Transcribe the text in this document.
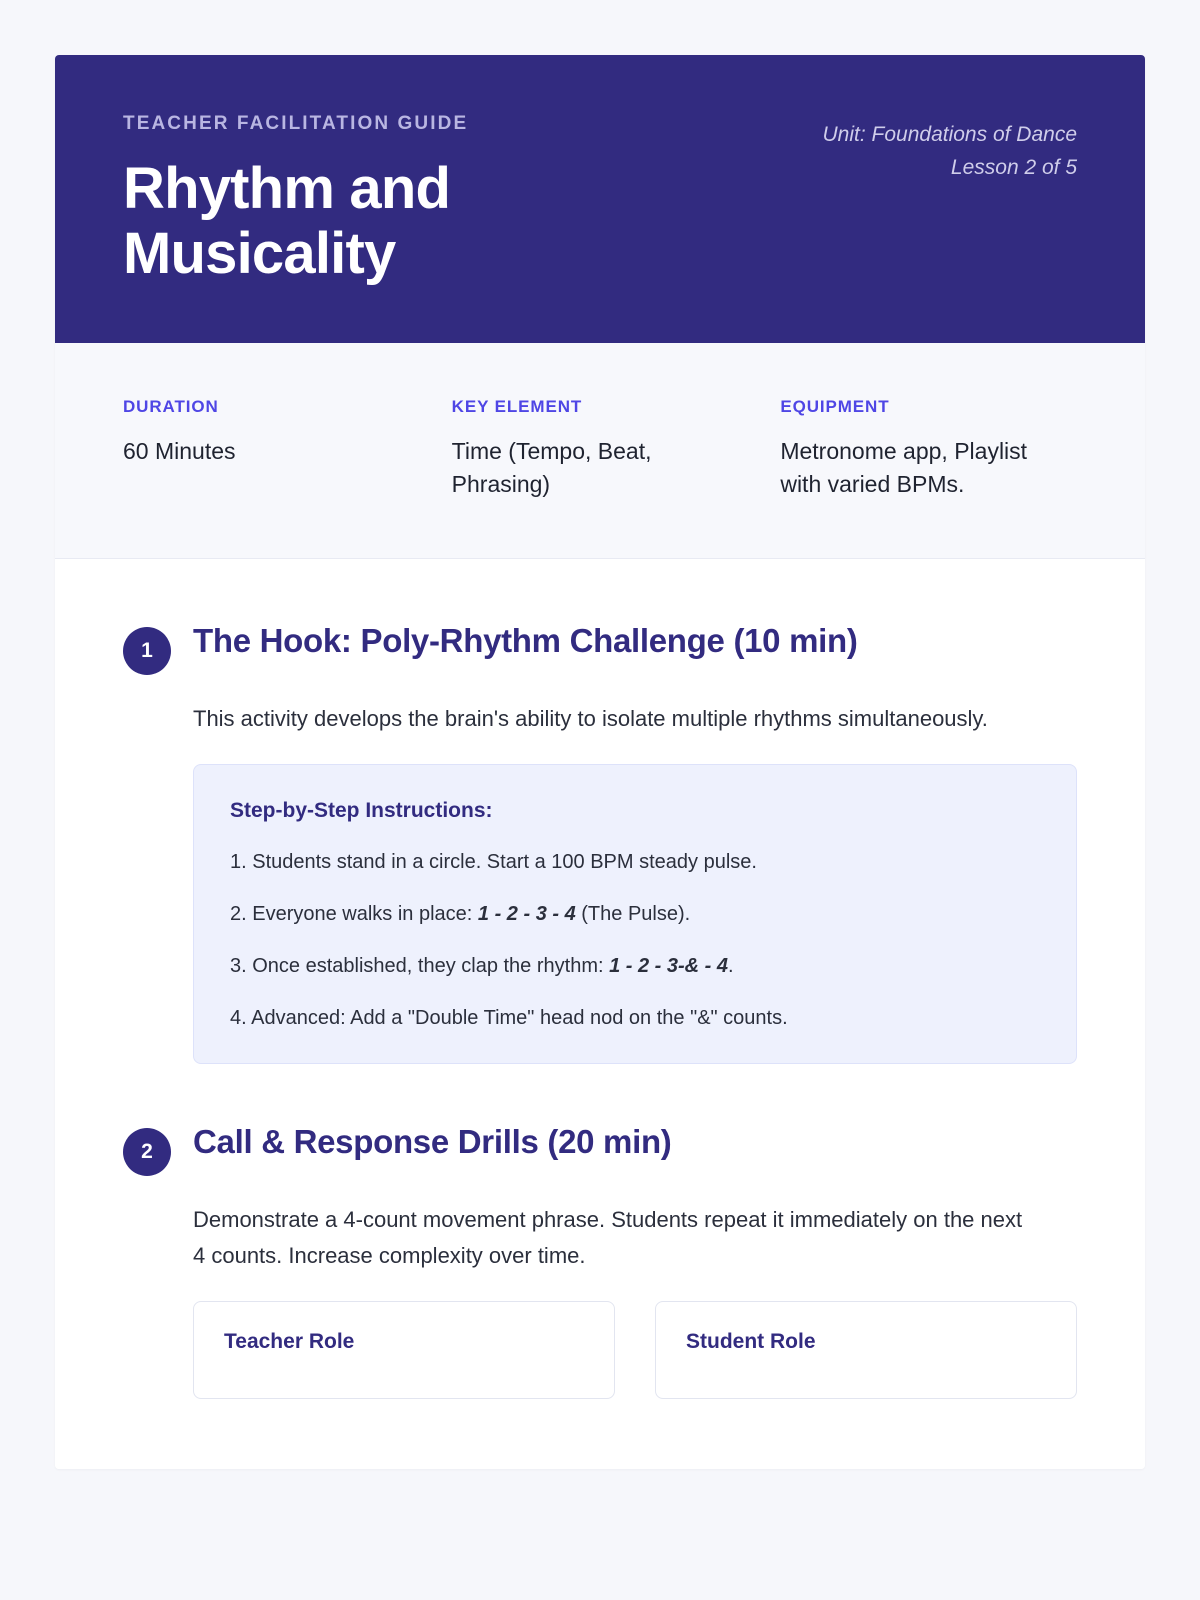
TEACHER FACILITATION GUIDE
Rhythm and Musicality
Unit: Foundations of Dance
Lesson 2 of 5
DURATION
60 Minutes
KEY ELEMENT
Time (Tempo, Beat, Phrasing)
EQUIPMENT
Metronome app, Playlist with varied BPMs.
1	The Hook: Poly-Rhythm Challenge (10 min)

This activity develops the brain's ability to isolate multiple rhythms simultaneously.

Step-by-Step Instructions:
1. Students stand in a circle. Start a 100 BPM steady pulse.
2. Everyone walks in place: 1 - 2 - 3 - 4 (The Pulse).
3. Once established, they clap the rhythm: 1 - 2 - 3-& - 4.
4. Advanced: Add a "Double Time" head nod on the "&" counts.
2	Call & Response Drills (20 min)

Demonstrate a 4-count movement phrase. Students repeat it immediately on the next 4 counts. Increase complexity over time.

Teacher Role	Student Role
